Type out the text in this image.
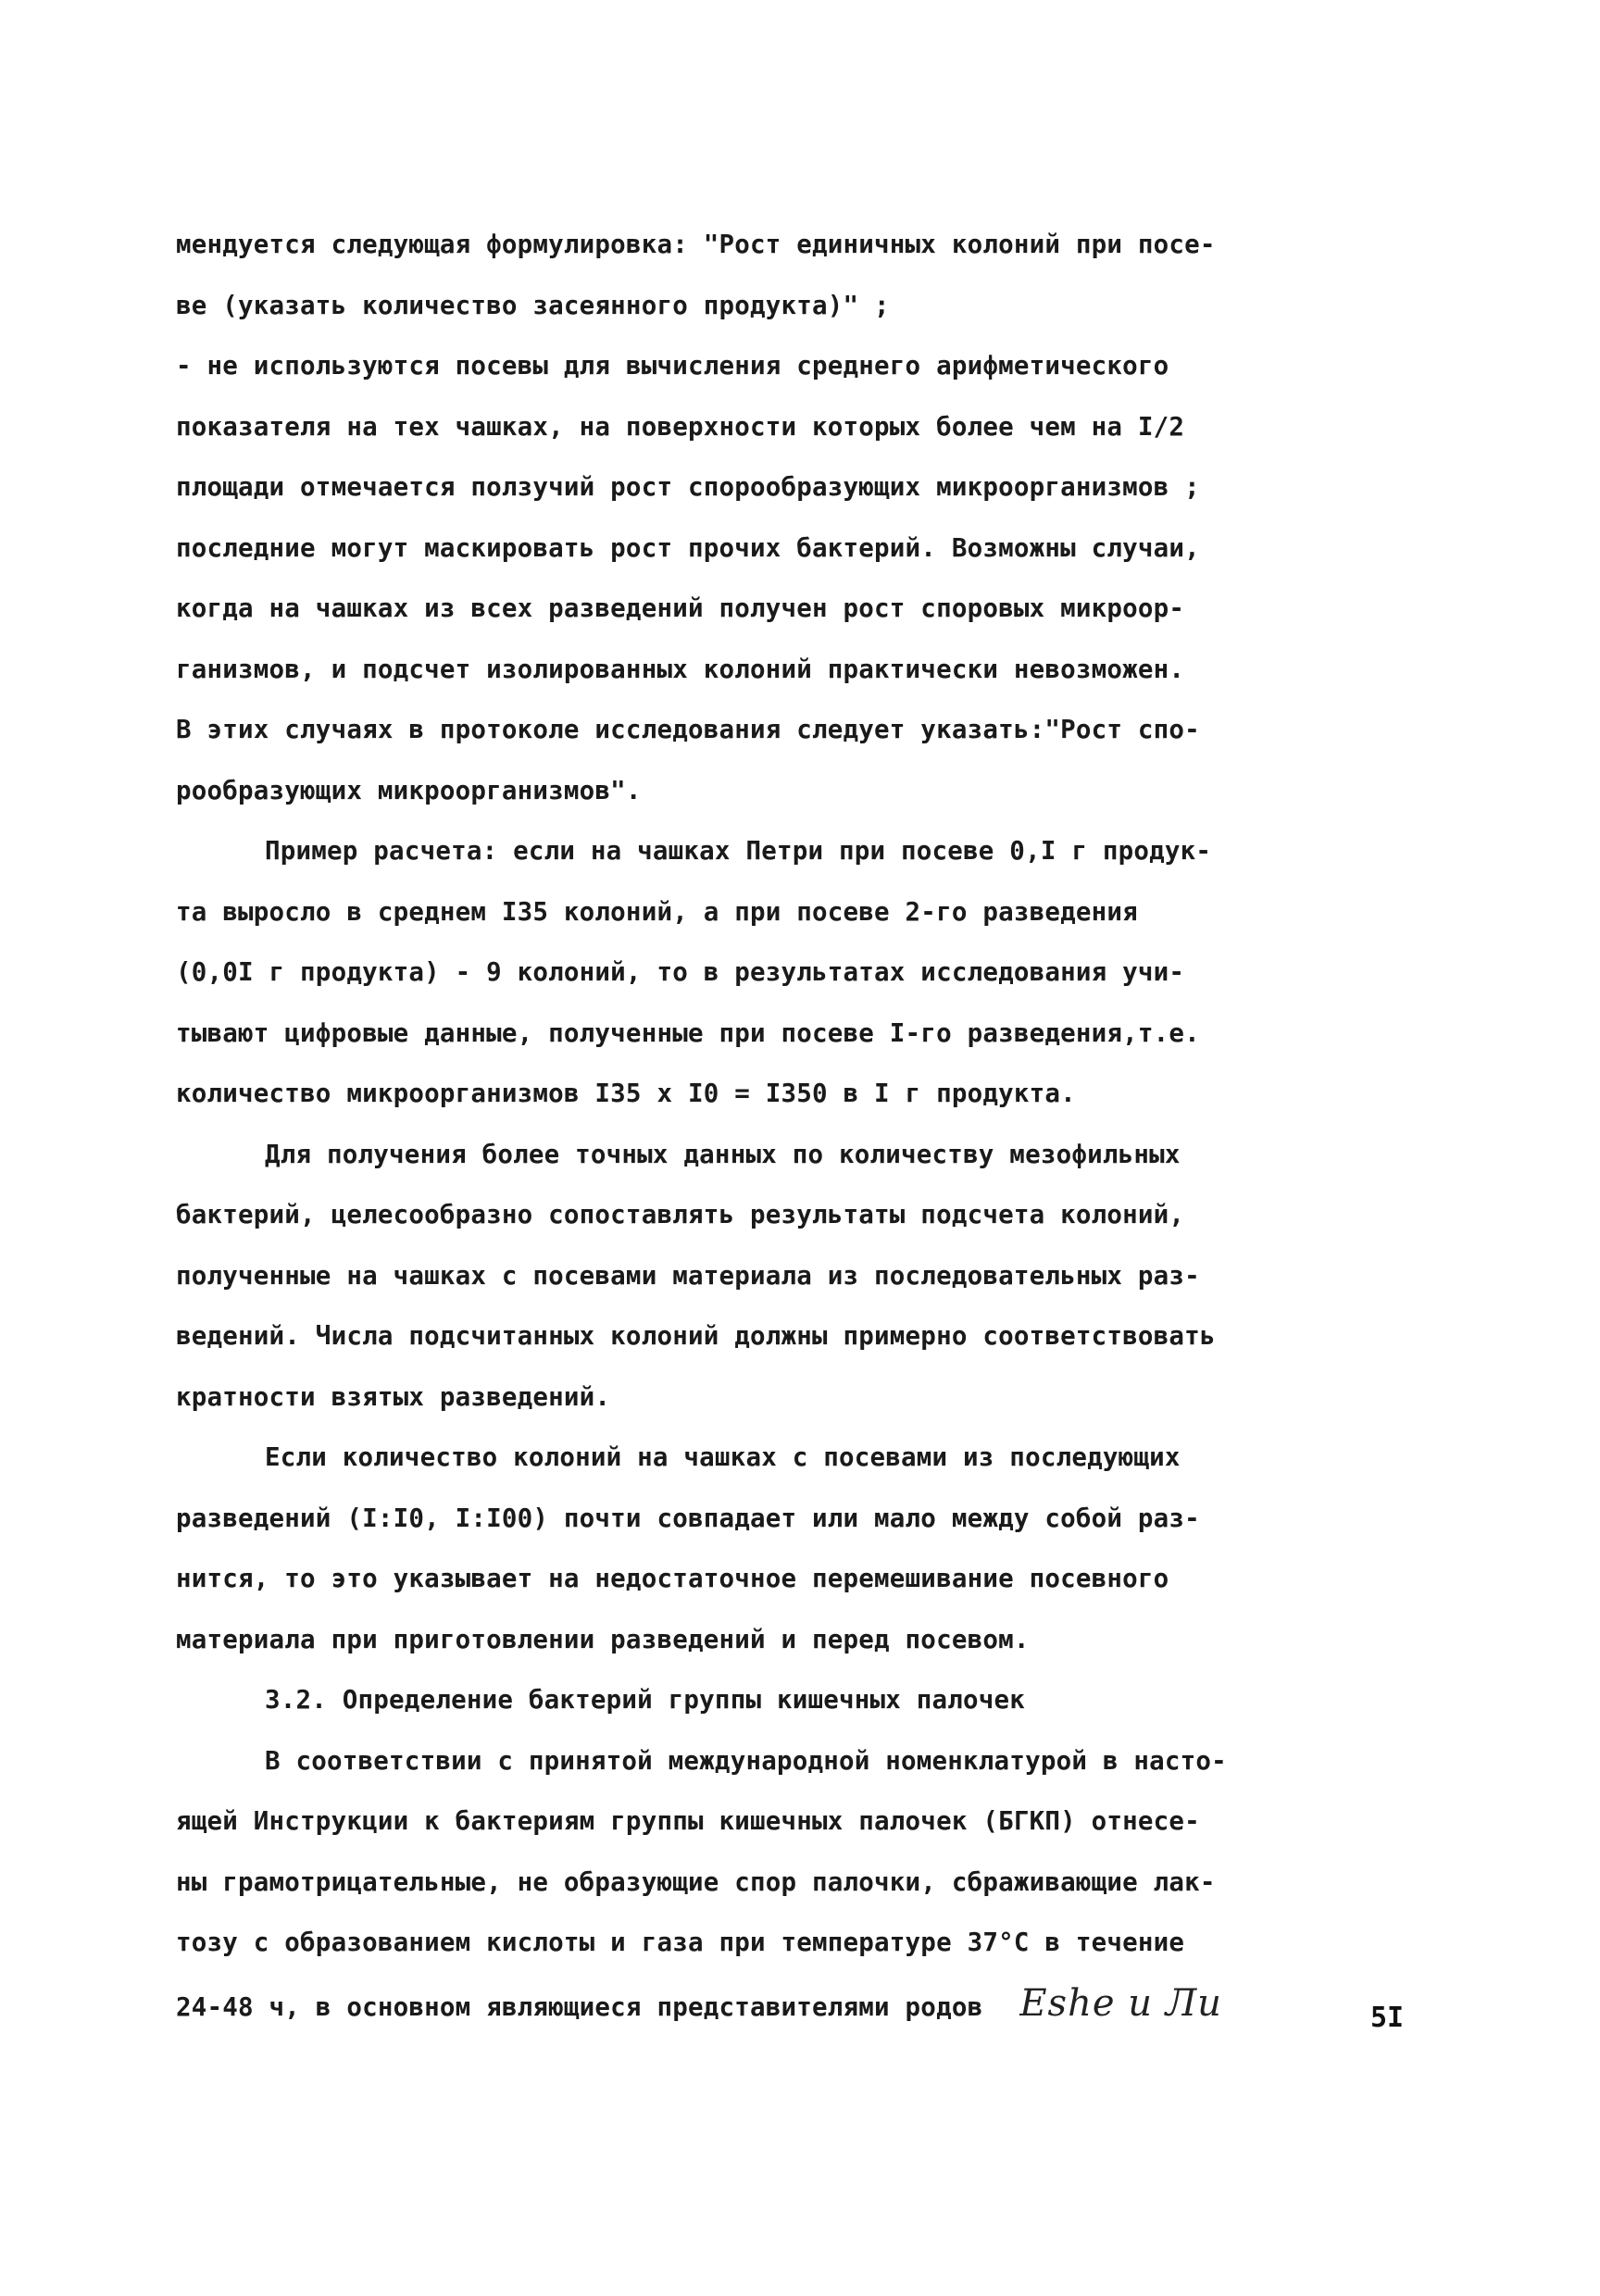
мендуется следующая формулировка: "Рост единичных колоний при посе-
ве (указать количество засеянного продукта)" ;
- не используются посевы для вычисления среднего арифметического
показателя на тех чашках, на поверхности которых более чем на I/2
площади отмечается ползучий рост спорообразующих микроорганизмов ;
последние могут маскировать рост прочих бактерий. Возможны случаи,
когда на чашках из всех разведений получен рост споровых микроор-
ганизмов, и подсчет изолированных колоний практически невозможен.
В этих случаях в протоколе исследования следует указать:"Рост спо-
рообразующих микроорганизмов".
Пример расчета: если на чашках Петри при посеве 0,I г продук-
та выросло в среднем I35 колоний, а при посеве 2-го разведения
(0,0I г продукта) - 9 колоний, то в результатах исследования учи-
тывают цифровые данные, полученные при посеве I-го разведения,т.е.
количество микроорганизмов I35 x I0 = I350 в I г продукта.
Для получения более точных данных по количеству мезофильных
бактерий, целесообразно сопоставлять результаты подсчета колоний,
полученные на чашках с посевами материала из последовательных раз-
ведений. Числа подсчитанных колоний должны примерно соответствовать
кратности взятых разведений.
Если количество колоний на чашках с посевами из последующих
разведений (I:I0, I:I00) почти совпадает или мало между собой раз-
нится, то это указывает на недостаточное перемешивание посевного
материала при приготовлении разведений и перед посевом.
3.2. Определение бактерий группы кишечных палочек
В соответствии с принятой международной номенклатурой в насто-
ящей Инструкции к бактериям группы кишечных палочек (БГКП) отнесе-
ны грамотрицательные, не образующие спор палочки, сбраживающие лак-
тозу с образованием кислоты и газа при температуре 37°С в течение
24-48 ч, в основном являющиеся представителями родов Eshe и Ли	5I
